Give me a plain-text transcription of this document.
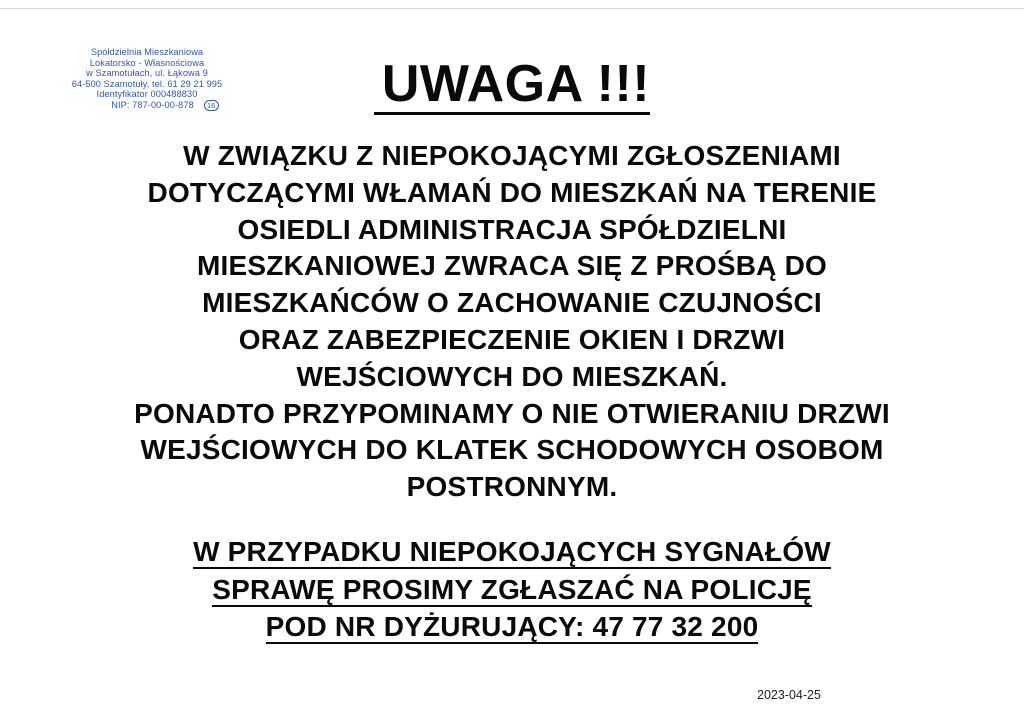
Spółdzielnia Mieszkaniowa
Lokatorsko - Własnościowa
w Szamotułach, ul. Łąkowa 9
64-500 Szamotuły, tel. 61 29 21 995
Identyfikator 000488830
NIP: 787-00-00-878 16	UWAGA !!!
W ZWIĄZKU Z NIEPOKOJĄCYMI ZGŁOSZENIAMI
DOTYCZĄCYMI WŁAMAŃ DO MIESZKAŃ NA TERENIE
OSIEDLI ADMINISTRACJA SPÓŁDZIELNI
MIESZKANIOWEJ ZWRACA SIĘ Z PROŚBĄ DO
MIESZKAŃCÓW O ZACHOWANIE CZUJNOŚCI
ORAZ ZABEZPIECZENIE OKIEN I DRZWI
WEJŚCIOWYCH DO MIESZKAŃ.
PONADTO PRZYPOMINAMY O NIE OTWIERANIU DRZWI
WEJŚCIOWYCH DO KLATEK SCHODOWYCH OSOBOM
POSTRONNYM.
W PRZYPADKU NIEPOKOJĄCYCH SYGNAŁÓW
SPRAWĘ PROSIMY ZGŁASZAĆ NA POLICJĘ
POD NR DYŻURUJĄCY: 47 77 32 200
2023-04-25
